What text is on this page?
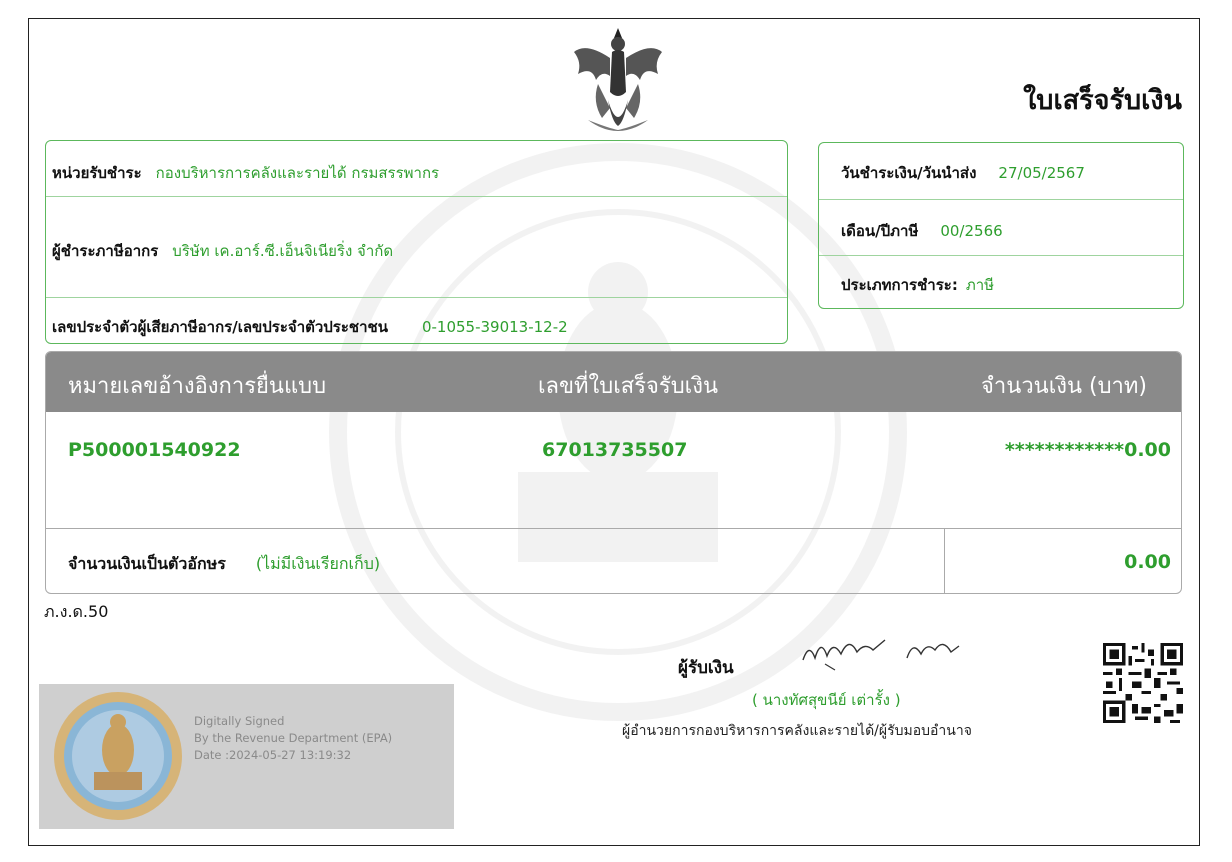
ใบเสร็จรับเงิน
หน่วยรับชำระ กองบริหารการคลังและรายได้ กรมสรรพากร
ผู้ชำระภาษีอากร บริษัท เค.อาร์.ซี.เอ็นจิเนียริ่ง จำกัด
เลขประจำตัวผู้เสียภาษีอากร/เลขประจำตัวประชาชน 0-1055-39013-12-2
วันชำระเงิน/วันนำส่ง 27/05/2567
เดือน/ปีภาษี 00/2566
ประเภทการชำระ: ภาษี
หมายเลขอ้างอิงการยื่นแบบ	เลขที่ใบเสร็จรับเงิน	จำนวนเงิน (บาท)
P500001540922	67013735507	************0.00
จำนวนเงินเป็นตัวอักษร (ไม่มีเงินเรียกเก็บ)	0.00
ภ.ง.ด.50
ผู้รับเงิน
( นางทัศสุขนีย์ เต่ารั้ง )
ผู้อำนวยการกองบริหารการคลังและรายได้/ผู้รับมอบอำนาจ
Digitally Signed
By the Revenue Department (EPA)
Date :2024-05-27 13:19:32
